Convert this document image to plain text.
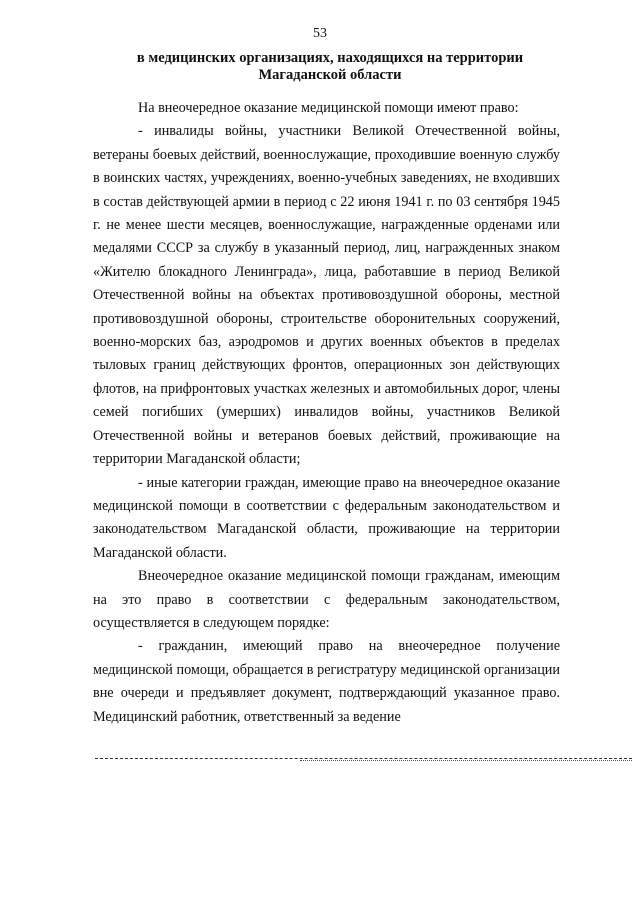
53
в медицинских организациях, находящихся на территории
Магаданской области

На внеочередное оказание медицинской помощи имеют право:

- инвалиды войны, участники Великой Отечественной войны, ветераны боевых действий, военнослужащие, проходившие военную службу в воинских частях, учреждениях, военно-учебных заведениях, не входивших в состав действующей армии в период с 22 июня 1941 г. по 03 сентября 1945 г. не менее шести месяцев, военнослужащие, награжденные орденами или медалями СССР за службу в указанный период, лиц, награжденных знаком «Жителю блокадного Ленинграда», лица, работавшие в период Великой Отечественной войны на объектах противовоздушной обороны, местной противовоздушной обороны, строительстве оборонительных сооружений, военно-морских баз, аэродромов и других военных объектов в пределах тыловых границ действующих фронтов, операционных зон действующих флотов, на прифронтовых участках железных и автомобильных дорог, члены семей погибших (умерших) инвалидов войны, участников Великой Отечественной войны и ветеранов боевых действий, проживающие на территории Магаданской области;

- иные категории граждан, имеющие право на внеочередное оказание медицинской помощи в соответствии с федеральным законодательством и законодательством Магаданской области, проживающие на территории Магаданской области.

Внеочередное оказание медицинской помощи гражданам, имеющим на это право в соответствии с федеральным законодательством, осуществляется в следующем порядке:

- гражданин, имеющий право на внеочередное получение медицинской помощи, обращается в регистратуру медицинской организации вне очереди и предъявляет документ, подтверждающий указанное право. Медицинский работник, ответственный за ведение
